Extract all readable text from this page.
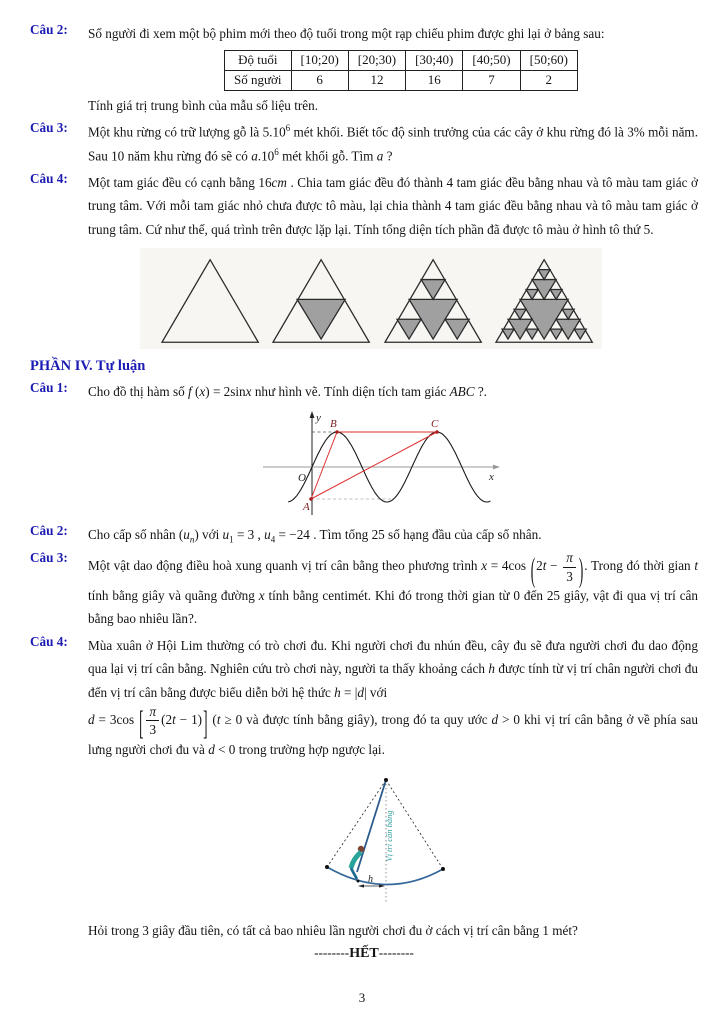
Câu 2: Số người đi xem một bộ phim mới theo độ tuổi trong một rạp chiếu phim được ghi lại ở bảng sau:

Độ tuổi	[10;20)	[20;30)	[30;40)	[40;50)	[50;60)
Số người	6	12	16	7	2

Tính giá trị trung bình của mẫu số liệu trên.

Câu 3: Một khu rừng có trữ lượng gỗ là 5.10$^6$ mét khối. Biết tốc độ sinh trưởng của các cây ở khu rừng đó là 3% mỗi năm. Sau 10 năm khu rừng đó sẽ có $a.10^6$ mét khối gỗ. Tìm a ?

Câu 4: Một tam giác đều có cạnh bằng 16cm . Chia tam giác đều đó thành 4 tam giác đều bằng nhau và tô màu tam giác ở trung tâm. Với mỗi tam giác nhỏ chưa được tô màu, lại chia thành 4 tam giác đều bằng nhau và tô màu tam giác ở trung tâm. Cứ như thế, quá trình trên được lặp lại. Tính tổng diện tích phần đã được tô màu ở hình tô thứ 5.

PHẦN IV. Tự luận
Câu 1: Cho đồ thị hàm số f (x) = 2sinx như hình vẽ. Tính diện tích tam giác ABC ?.

x
y
O
A
B	C
Câu 2: Cho cấp số nhân $(u_n)$ với $u_1 = 3$ , $u_4 = -24$ . Tìm tổng 25 số hạng đầu của cấp số nhân.

Câu 3:

Một vật dao động điều hoà xung quanh vị trí cân bằng theo phương trình x = 4cos ($2t - \frac{\pi}{3}$ ). Trong đó thời gian t tính bằng giây và quãng đường x tính bằng centimét. Khi đó trong thời gian từ 0 đến 25 giây, vật đi qua vị trí cân bằng bao nhiêu lần?.

Câu 4: Mùa xuân ở Hội Lim thường có trò chơi đu. Khi người chơi đu nhún đều, cây đu sẽ đưa người chơi đu dao động qua lại vị trí cân bằng. Nghiên cứu trò chơi này, người ta thấy khoảng cách h được tính từ vị trí chân người chơi đu đến vị trí cân bằng được biểu diễn bởi hệ thức h = |d| với

d = 3cos [ $\frac{\pi}{3} (2t - 1)$] (t ≥ 0 và được tính bằng giây), trong đó ta quy ước d > 0 khi vị trí cân bằng ở về phía sau lưng người chơi đu và d < 0 trong trường hợp ngược lại.

h
Vị trí cân bằng

Hỏi trong 3 giây đầu tiên, có tất cả bao nhiêu lần người chơi đu ở cách vị trí cân bằng 1 mét?

--------HẾT--------

3
